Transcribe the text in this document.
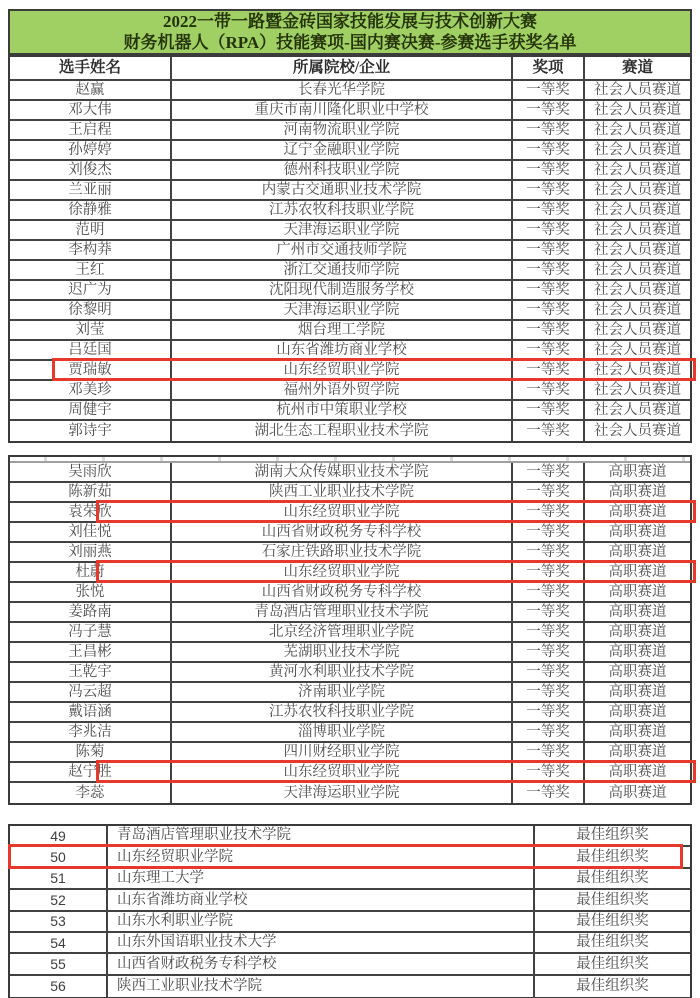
2022一带一路暨金砖国家技能发展与技术创新大赛
财务机器人（RPA）技能赛项-国内赛决赛-参赛选手获奖名单
选手姓名	所属院校/企业	奖项	赛道
赵赢	长春光华学院	一等奖	社会人员赛道
邓大伟	重庆市南川隆化职业中学校	一等奖	社会人员赛道
王启程	河南物流职业学院	一等奖	社会人员赛道
孙婷婷	辽宁金融职业学院	一等奖	社会人员赛道
刘俊杰	德州科技职业学院	一等奖	社会人员赛道
兰亚丽	内蒙古交通职业技术学院	一等奖	社会人员赛道
徐静雅	江苏农牧科技职业学院	一等奖	社会人员赛道
范明	天津海运职业学院	一等奖	社会人员赛道
李构莽	广州市交通技师学院	一等奖	社会人员赛道
王红	浙江交通技师学院	一等奖	社会人员赛道
迟广为	沈阳现代制造服务学校	一等奖	社会人员赛道
徐黎明	天津海运职业学院	一等奖	社会人员赛道
刘莹	烟台理工学院	一等奖	社会人员赛道
吕廷国	山东省潍坊商业学校	一等奖	社会人员赛道
贾瑞敏	山东经贸职业学院	一等奖	社会人员赛道
邓美珍	福州外语外贸学院	一等奖	社会人员赛道
周健宇	杭州市中策职业学校	一等奖	社会人员赛道
郭诗宇	湖北生态工程职业技术学院	一等奖	社会人员赛道
吴雨欣	湖南大众传媒职业技术学院	一等奖	高职赛道
陈新茹	陕西工业职业技术学院	一等奖	高职赛道
袁荣欣	山东经贸职业学院	一等奖	高职赛道
刘佳悦	山西省财政税务专科学校	一等奖	高职赛道
刘丽燕	石家庄铁路职业技术学院	一等奖	高职赛道
杜蔚	山东经贸职业学院	一等奖	高职赛道
张悦	山西省财政税务专科学校	一等奖	高职赛道
姜路南	青岛酒店管理职业技术学院	一等奖	高职赛道
冯子慧	北京经济管理职业学院	一等奖	高职赛道
王昌彬	芜湖职业技术学院	一等奖	高职赛道
王乾宇	黄河水利职业技术学院	一等奖	高职赛道
冯云超	济南职业学院	一等奖	高职赛道
戴语涵	江苏农牧科技职业学院	一等奖	高职赛道
李兆洁	淄博职业学院	一等奖	高职赛道
陈菊	四川财经职业学院	一等奖	高职赛道
赵宁胜	山东经贸职业学院	一等奖	高职赛道
李蕊	天津海运职业学院	一等奖	高职赛道
49	青岛酒店管理职业技术学院	最佳组织奖
50	山东经贸职业学院	最佳组织奖
51	山东理工大学	最佳组织奖
52	山东省潍坊商业学校	最佳组织奖
53	山东水利职业学院	最佳组织奖
54	山东外国语职业技术大学	最佳组织奖
55	山西省财政税务专科学校	最佳组织奖
56	陕西工业职业技术学院	最佳组织奖
